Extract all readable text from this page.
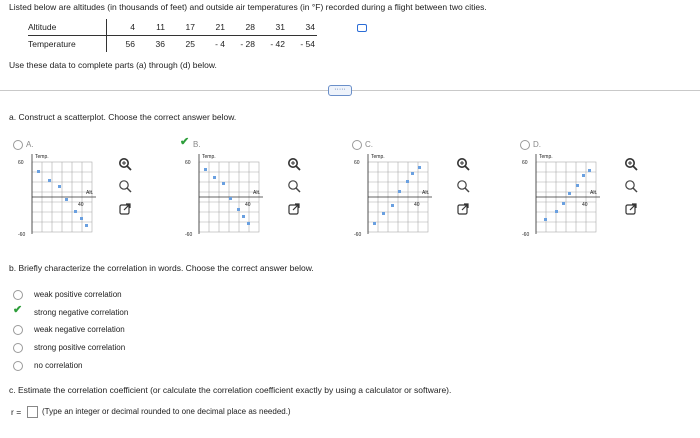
Listed below are altitudes (in thousands of feet) and outside air temperatures (in °F) recorded during a flight between two cities.
Altitude	4	11	17	21	28	31	34
Temperature	56	36	25	- 4	- 28	- 42	- 54
Use these data to complete parts (a) through (d) below.
·····
a. Construct a scatterplot. Choose the correct answer below.
A.	✔ B.	C.	D.
Temp.
60
-60
Alt.
40
Temp.
60
-60
Alt.
40
Temp.
60
-60
Alt.
40
Temp.
60
-60
Alt.
40
b. Briefly characterize the correlation in words. Choose the correct answer below.
weak positive correlation
✔ strong negative correlation
weak negative correlation
strong positive correlation
no correlation
c. Estimate the correlation coefficient (or calculate the correlation coefficient exactly by using a calculator or software).
r =	(Type an integer or decimal rounded to one decimal place as needed.)
